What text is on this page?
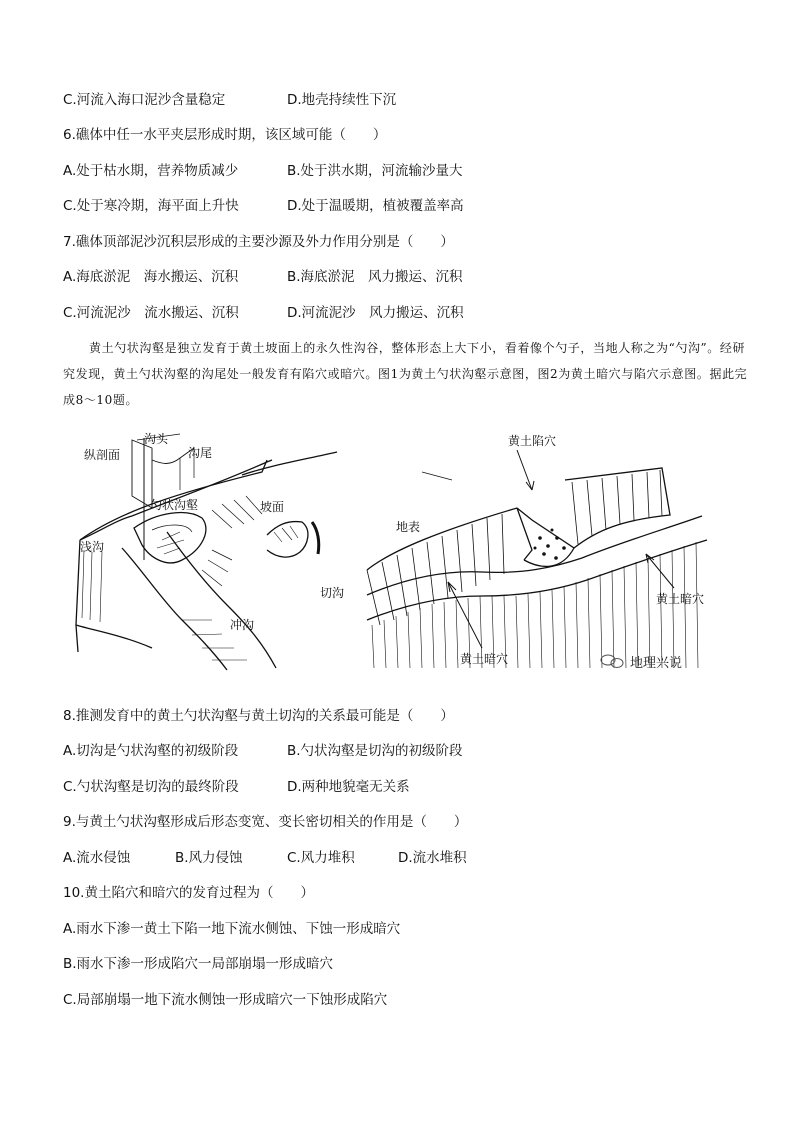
C.河流入海口泥沙含量稳定	D.地壳持续性下沉
6.礁体中任一水平夹层形成时期，该区域可能（　　）
A.处于枯水期，营养物质减少	B.处于洪水期，河流输沙量大
C.处于寒冷期，海平面上升快	D.处于温暖期，植被覆盖率高
7.礁体顶部泥沙沉积层形成的主要沙源及外力作用分别是（　　）
A.海底淤泥　海水搬运、沉积	B.海底淤泥　风力搬运、沉积
C.河流泥沙　流水搬运、沉积	D.河流泥沙　风力搬运、沉积
黄土勺状沟壑是独立发育于黄土坡面上的永久性沟谷，整体形态上大下小，看着像个勺子，当地人称之为“勺沟”。经研究发现，黄土勺状沟壑的沟尾处一般发育有陷穴或暗穴。图1为黄土勺状沟壑示意图，图2为黄土暗穴与陷穴示意图。据此完成8～10题。
纵剖面
沟头
沟尾
勺状沟壑	坡面
浅沟
切沟
冲沟
黄土陷穴
地表
黄土暗穴
黄土暗穴	地理兴说
8.推测发育中的黄土勺状沟壑与黄土切沟的关系最可能是（　　）
A.切沟是勺状沟壑的初级阶段	B.勺状沟壑是切沟的初级阶段
C.勺状沟壑是切沟的最终阶段	D.两种地貌毫无关系
9.与黄土勺状沟壑形成后形态变宽、变长密切相关的作用是（　　）
A.流水侵蚀	B.风力侵蚀	C.风力堆积	D.流水堆积
10.黄土陷穴和暗穴的发育过程为（　　）
A.雨水下渗一黄土下陷一地下流水侧蚀、下蚀一形成暗穴
B.雨水下渗一形成陷穴一局部崩塌一形成暗穴
C.局部崩塌一地下流水侧蚀一形成暗穴一下蚀形成陷穴
